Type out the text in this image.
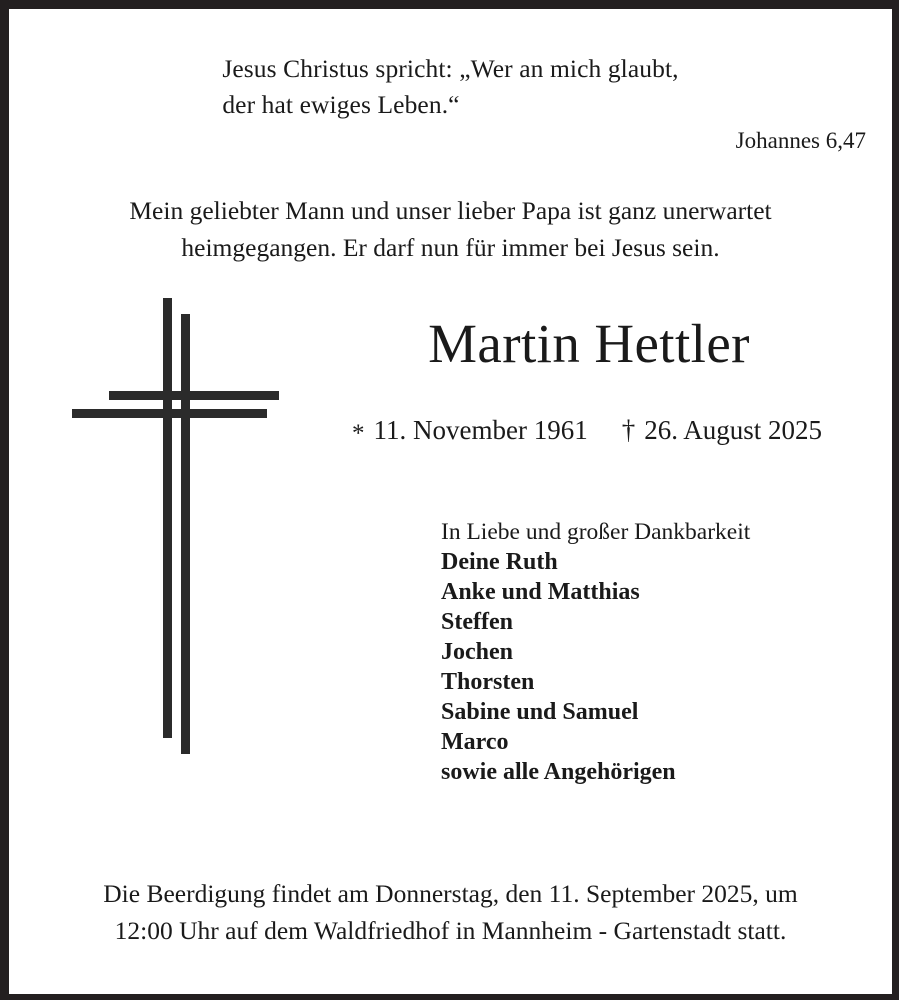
Jesus Christus spricht: „Wer an mich glaubt,
der hat ewiges Leben.“
Johannes 6,47
Mein geliebter Mann und unser lieber Papa ist ganz unerwartet
heimgegangen. Er darf nun für immer bei Jesus sein.
Martin Hettler
* 11. November 1961 † 26. August 2025
In Liebe und großer Dankbarkeit
Deine Ruth
Anke und Matthias
Steffen
Jochen
Thorsten
Sabine und Samuel
Marco
sowie alle Angehörigen
Die Beerdigung findet am Donnerstag, den 11. September 2025, um
12:00 Uhr auf dem Waldfriedhof in Mannheim - Gartenstadt statt.
